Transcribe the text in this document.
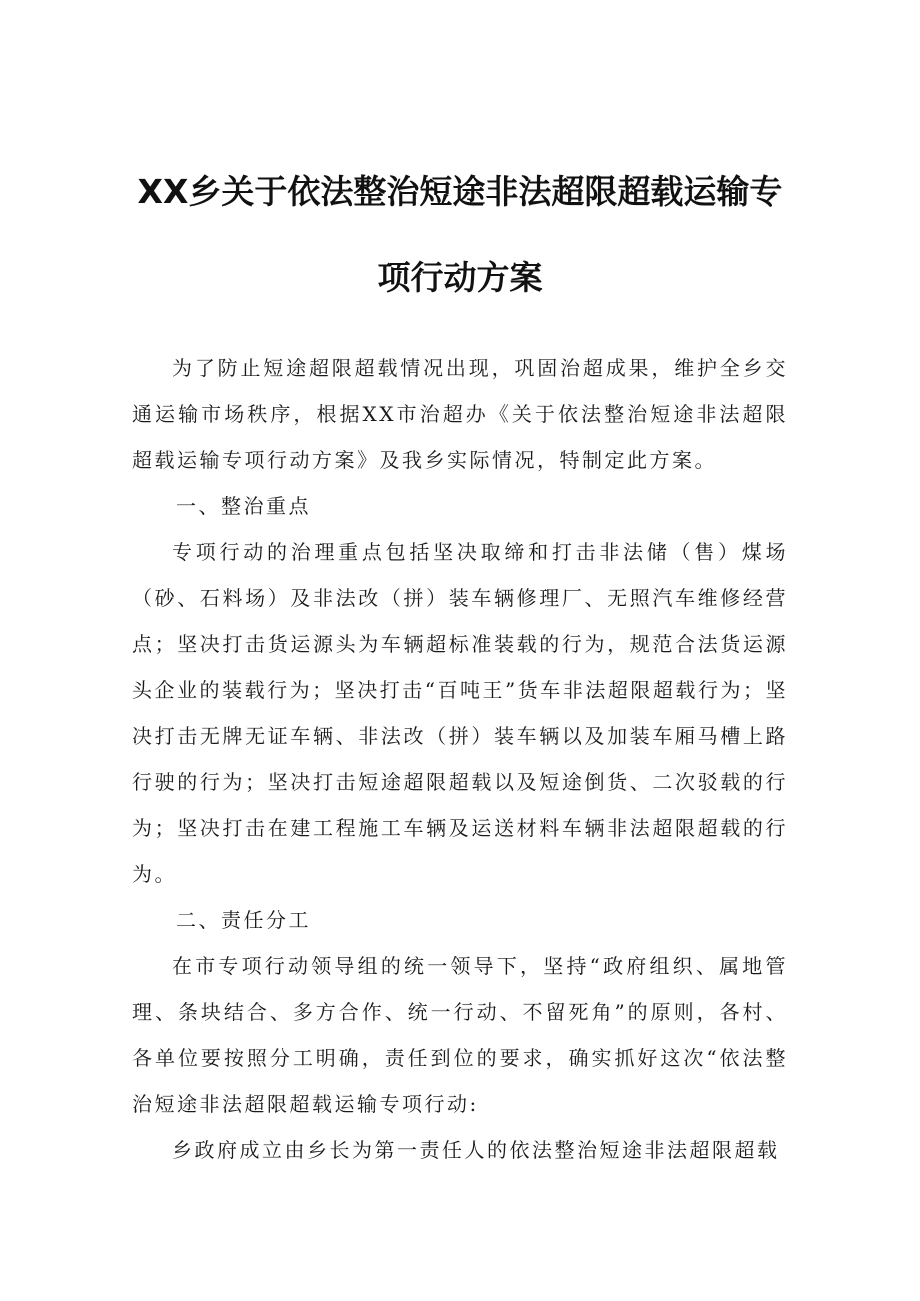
XX乡关于依法整治短途非法超限超载运输专
项行动方案

为了防止短途超限超载情况出现，巩固治超成果，维护全乡交通运输市场秩序，根据XX市治超办《关于依法整治短途非法超限超载运输专项行动方案》及我乡实际情况，特制定此方案。

一、整治重点

专项行动的治理重点包括坚决取缔和打击非法储（售）煤场（砂、石料场）及非法改（拼）装车辆修理厂、无照汽车维修经营点；坚决打击货运源头为车辆超标准装载的行为，规范合法货运源头企业的装载行为；坚决打击“百吨王”货车非法超限超载行为；坚决打击无牌无证车辆、非法改（拼）装车辆以及加装车厢马槽上路行驶的行为；坚决打击短途超限超载以及短途倒货、二次驳载的行为；坚决打击在建工程施工车辆及运送材料车辆非法超限超载的行为。

二、责任分工

在市专项行动领导组的统一领导下，坚持“政府组织、属地管理、条块结合、多方合作、统一行动、不留死角”的原则，各村、各单位要按照分工明确，责任到位的要求，确实抓好这次“依法整治短途非法超限超载运输专项行动:

乡政府成立由乡长为第一责任人的依法整治短途非法超限超载
